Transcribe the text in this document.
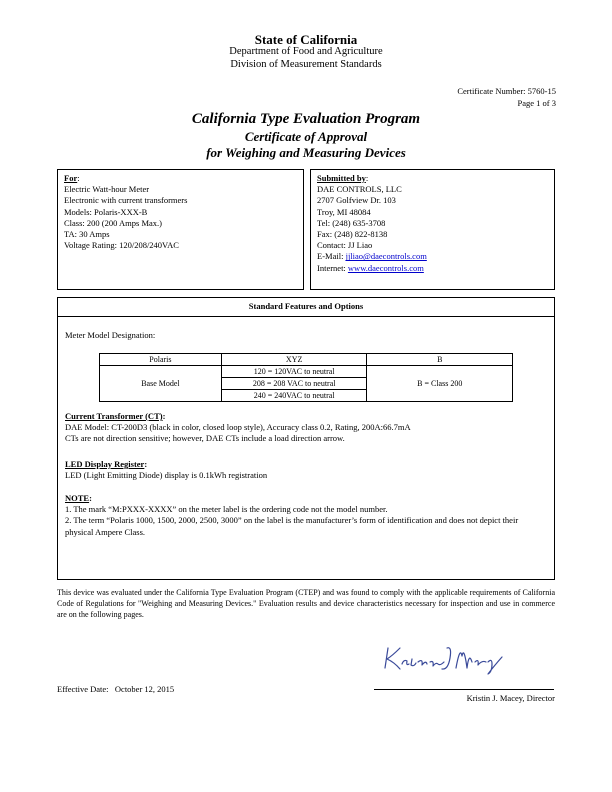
State of California
Department of Food and Agriculture
Division of Measurement Standards
Certificate Number: 5760-15
Page 1 of 3
California Type Evaluation Program
Certificate of Approval
for Weighing and Measuring Devices
For:
Electric Watt-hour Meter
Electronic with current transformers
Models: Polaris-XXX-B
Class: 200 (200 Amps Max.)
TA: 30 Amps
Voltage Rating: 120/208/240VAC
Submitted by:
DAE CONTROLS, LLC
2707 Golfview Dr. 103
Troy, MI 48084
Tel: (248) 635-3708
Fax: (248) 822-8138
Contact: JJ Liao
E-Mail: jjliao@daecontrols.com
Internet: www.daecontrols.com
Standard Features and Options
Meter Model Designation:
Polaris	XYZ	B
Base Model	120 = 120VAC to neutral	B = Class 200
	208 = 208 VAC to neutral	
	240 = 240VAC to neutral	
Current Transformer (CT):
DAE Model: CT-200D3 (black in color, closed loop style), Accuracy class 0.2, Rating, 200A:66.7mA
CTs are not direction sensitive; however, DAE CTs include a load direction arrow.
LED Display Register:
LED (Light Emitting Diode) display is 0.1kWh registration
NOTE:
1. The mark “M:PXXX-XXXX” on the meter label is the ordering code not the model number.
2. The term “Polaris 1000, 1500, 2000, 2500, 3000” on the label is the manufacturer’s form of identification and does not depict their physical Ampere Class.
This device was evaluated under the California Type Evaluation Program (CTEP) and was found to comply with the applicable requirements of California Code of Regulations for "Weighing and Measuring Devices." Evaluation results and device characteristics necessary for inspection and use in commerce are on the following pages.
Effective Date: October 12, 2015
Kristin J. Macey, Director
